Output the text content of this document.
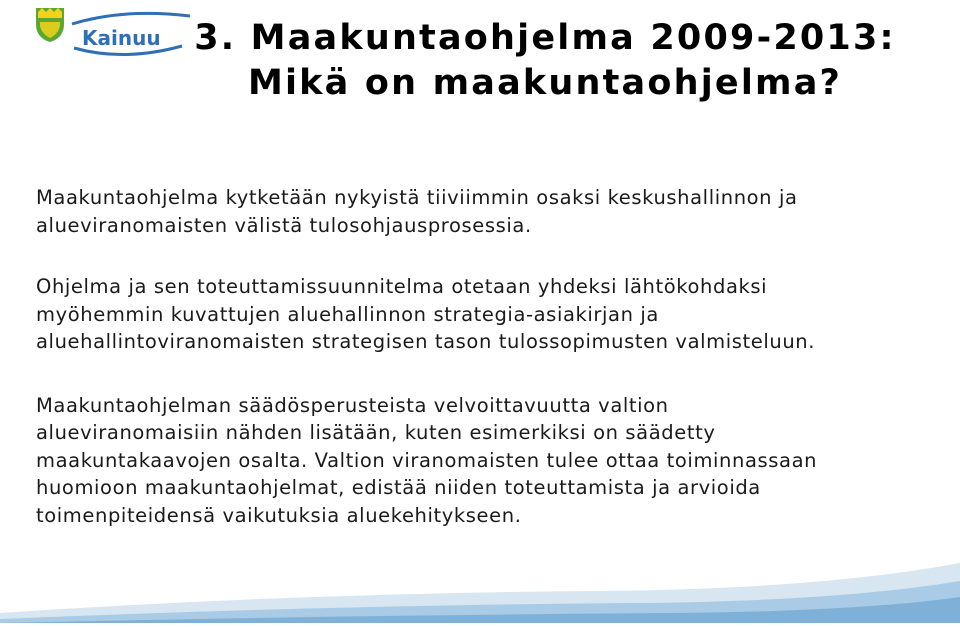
Kainuu 3. Maakuntaohjelma 2009-2013:
Mikä on maakuntaohjelma?

Maakuntaohjelma kytketään nykyistä tiiviimmin osaksi keskushallinnon ja
alueviranomaisten välistä tulosohjausprosessia.

Ohjelma ja sen toteuttamissuunnitelma otetaan yhdeksi lähtökohdaksi
myöhemmin kuvattujen aluehallinnon strategia-asiakirjan ja
aluehallintoviranomaisten strategisen tason tulossopimusten valmisteluun.

Maakuntaohjelman säädösperusteista velvoittavuutta valtion
alueviranomaisiin nähden lisätään, kuten esimerkiksi on säädetty
maakuntakaavojen osalta. Valtion viranomaisten tulee ottaa toiminnassaan
huomioon maakuntaohjelmat, edistää niiden toteuttamista ja arvioida
toimenpiteidensä vaikutuksia aluekehitykseen.
